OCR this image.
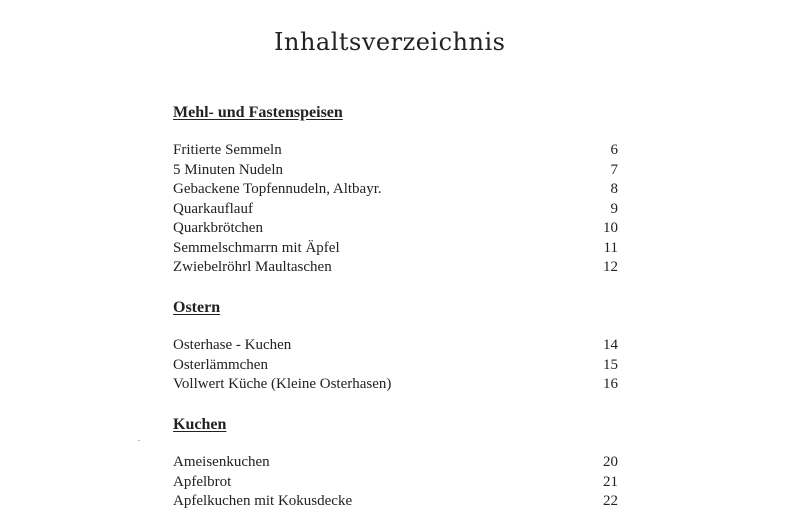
Inhaltsverzeichnis
Mehl- und Fastenspeisen
Fritierte Semmeln	6
5 Minuten Nudeln	7
Gebackene Topfennudeln, Altbayr.	8
Quarkauflauf	9
Quarkbrötchen	10
Semmelschmarrn mit Äpfel	11
Zwiebelröhrl Maultaschen	12
Ostern
Osterhase - Kuchen	14
Osterlämmchen	15
Vollwert Küche (Kleine Osterhasen)	16
Kuchen
Ameisenkuchen	20
Apfelbrot	21
Apfelkuchen mit Kokusdecke	22
